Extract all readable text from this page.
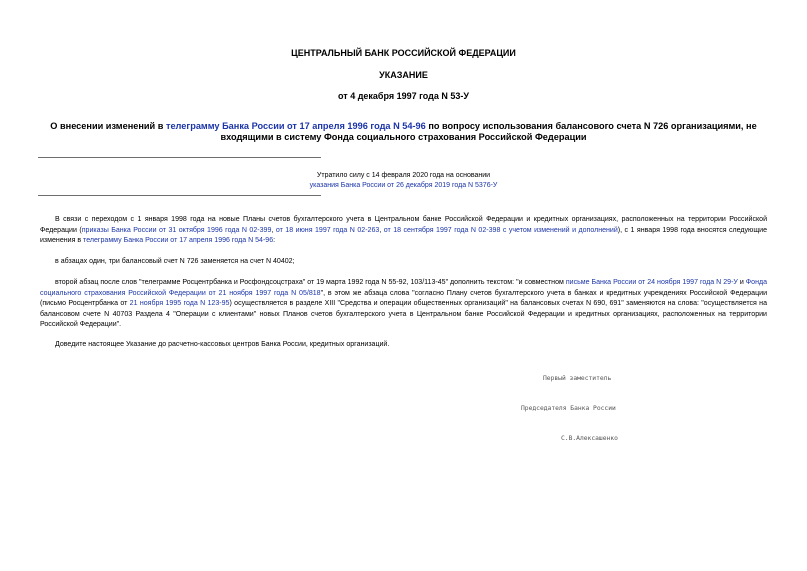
ЦЕНТРАЛЬНЫЙ БАНК РОССИЙСКОЙ ФЕДЕРАЦИИ
УКАЗАНИЕ
от 4 декабря 1997 года N 53-У
О внесении изменений в телеграмму Банка России от 17 апреля 1996 года N 54-96 по вопросу использования балансового счета N 726 организациями, не входящими в систему Фонда социального страхования Российской Федерации
Утратило силу с 14 февраля 2020 года на основании
указания Банка России от 26 декабря 2019 года N 5376-У

В связи с переходом с 1 января 1998 года на новые Планы счетов бухгалтерского учета в Центральном банке Российской Федерации и кредитных организациях, расположенных на территории Российской Федерации (приказы Банка России от 31 октября 1996 года N 02-399, от 18 июня 1997 года N 02-263, от 18 сентября 1997 года N 02-398 с учетом изменений и дополнений), с 1 января 1998 года вносятся следующие изменения в телеграмму Банка России от 17 апреля 1996 года N 54-96:

в абзацах один, три балансовый счет N 726 заменяется на счет N 40402;

второй абзац после слов "телеграмме Росцентрбанка и Росфондсоцстраха" от 19 марта 1992 года N 55-92, 103/113-45" дополнить текстом: "и совместном письме Банка России от 24 ноября 1997 года N 29-У и Фонда социального страхования Российской Федерации от 21 ноября 1997 года N 05/818", в этом же абзаца слова "согласно Плану счетов бухгалтерского учета в банках и кредитных учреждениях Российской Федерации (письмо Росцентрбанка от 21 ноября 1995 года N 123-95) осуществляется в разделе XIII "Средства и операции общественных организаций" на балансовых счетах N 690, 691" заменяются на слова: "осуществляется на балансовом счете N 40703 Раздела 4 "Операции с клиентами" новых Планов счетов бухгалтерского учета в Центральном банке Российской Федерации и кредитных организациях, расположенных на территории Российской Федерации".

Доведите настоящее Указание до расчетно-кассовых центров Банка России, кредитных организаций.

Первый заместитель

Председателя Банка России

С.В.Алексашенко
